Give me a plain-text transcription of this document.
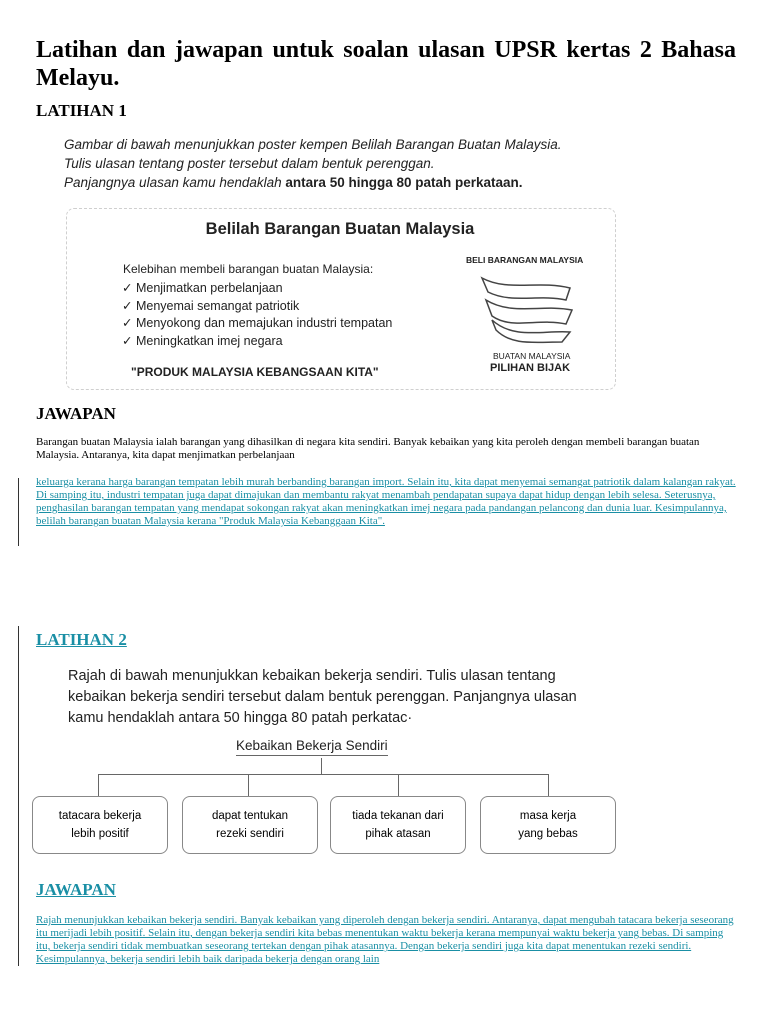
Latihan dan jawapan untuk soalan ulasan UPSR kertas 2 Bahasa Melayu.
LATIHAN 1
Gambar di bawah menunjukkan poster kempen Belilah Barangan Buatan Malaysia.
Tulis ulasan tentang poster tersebut dalam bentuk perenggan.
Panjangnya ulasan kamu hendaklah antara 50 hingga 80 patah perkataan.
Belilah Barangan Buatan Malaysia
Kelebihan membeli barangan buatan Malaysia:
✓ Menjimatkan perbelanjaan
✓ Menyemai semangat patriotik
✓ Menyokong dan memajukan industri tempatan
✓ Meningkatkan imej negara
"PRODUK MALAYSIA KEBANGSAAN KITA"
BELI BARANGAN MALAYSIA
BUATAN MALAYSIA
PILIHAN BIJAK
JAWAPAN

Barangan buatan Malaysia ialah barangan yang dihasilkan di negara kita sendiri. Banyak kebaikan yang kita peroleh dengan membeli barangan buatan Malaysia. Antaranya, kita dapat menjimatkan perbelanjaan

keluarga kerana harga barangan tempatan lebih murah berbanding barangan import. Selain itu, kita dapat menyemai semangat patriotik dalam kalangan rakyat. Di samping itu, industri tempatan juga dapat dimajukan dan membantu rakyat menambah pendapatan supaya dapat hidup dengan lebih selesa. Seterusnya, penghasilan barangan tempatan yang mendapat sokongan rakyat akan meningkatkan imej negara pada pandangan pelancong dan dunia luar. Kesimpulannya, belilah barangan buatan Malaysia kerana "Produk Malaysia Kebanggaan Kita".

LATIHAN 2
Rajah di bawah menunjukkan kebaikan bekerja sendiri. Tulis ulasan tentang
kebaikan bekerja sendiri tersebut dalam bentuk perenggan. Panjangnya ulasan
kamu hendaklah antara 50 hingga 80 patah perkatac·
Kebaikan Bekerja Sendiri
tatacara bekerja
lebih positif
dapat tentukan
rezeki sendiri
tiada tekanan dari
pihak atasan
masa kerja
yang bebas
JAWAPAN

Rajah menunjukkan kebaikan bekerja sendiri. Banyak kebaikan yang diperoleh dengan bekerja sendiri. Antaranya, dapat mengubah tatacara bekerja seseorang itu merijadi lebih positif. Selain itu, dengan bekerja sendiri kita bebas menentukan waktu bekerja kerana mempunyai waktu bekerja yang bebas. Di samping itu, bekerja sendiri tidak membuatkan seseorang tertekan dengan pihak atasannya. Dengan bekerja sendiri juga kita dapat menentukan rezeki sendiri. Kesimpulannya, bekerja sendiri lebih baik daripada bekerja dengan orang lain
